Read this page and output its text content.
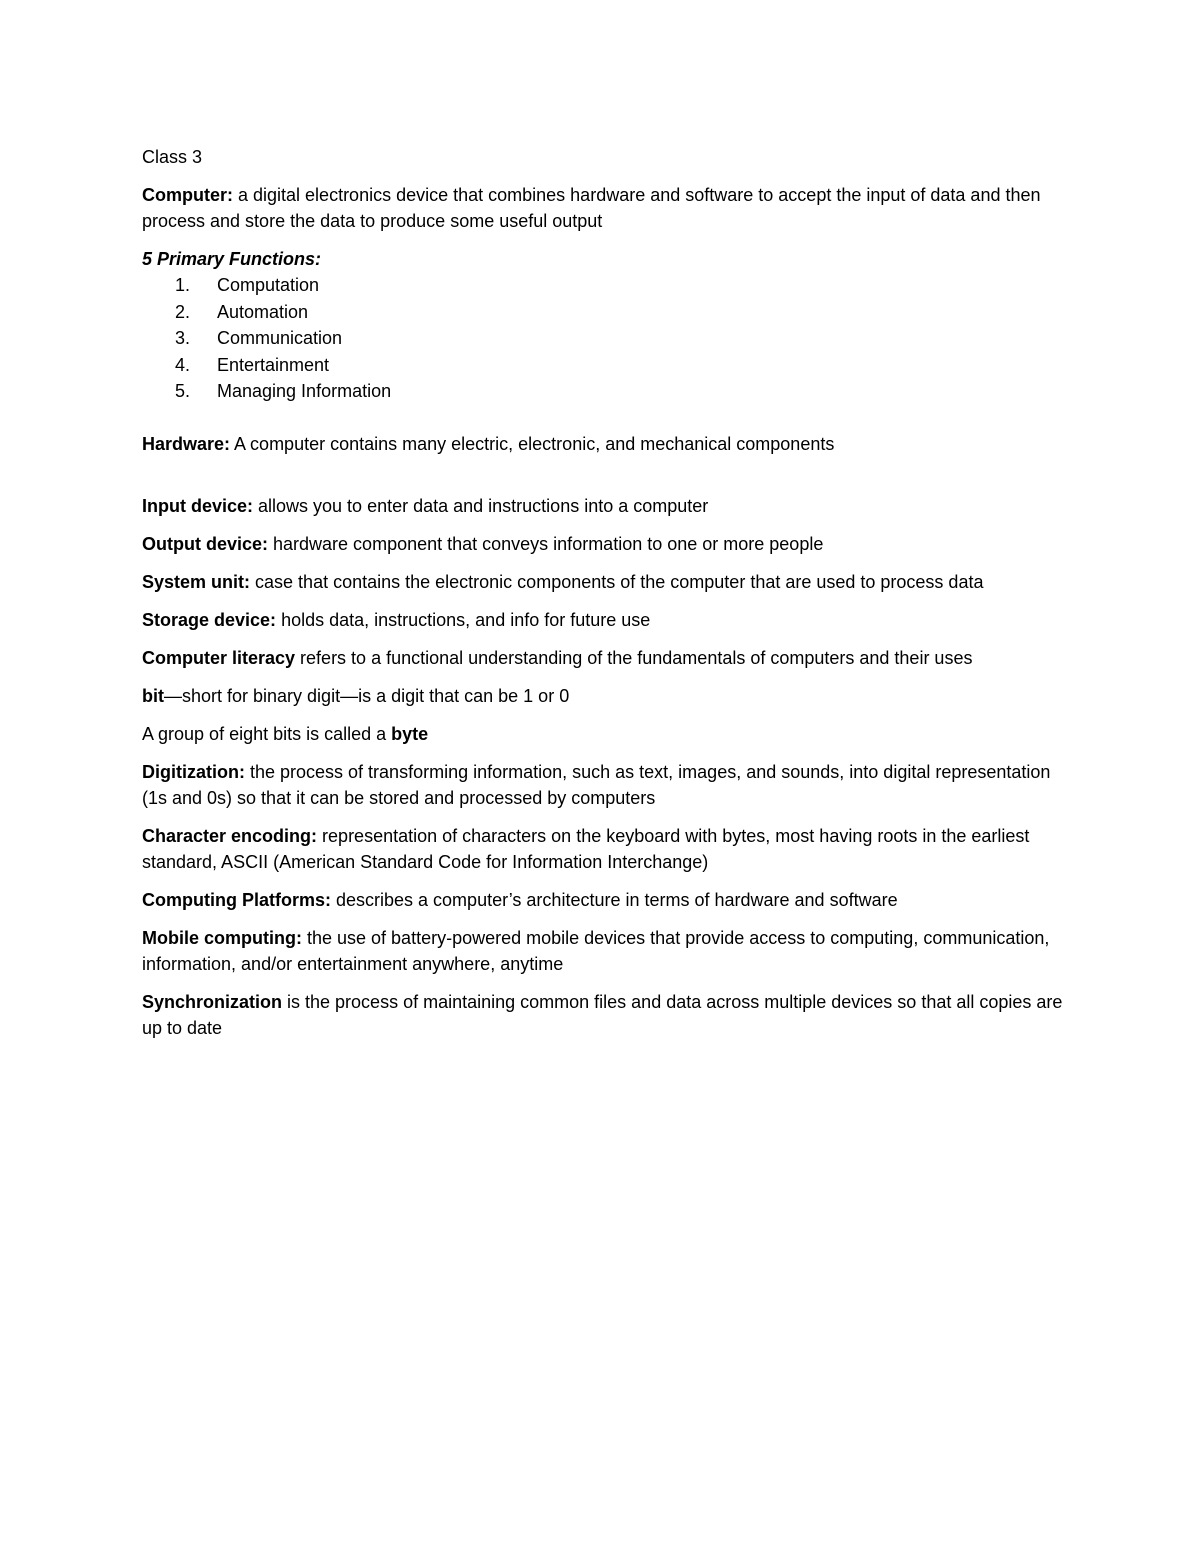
Class 3

Computer: a digital electronics device that combines hardware and software to accept the input of data and then process and store the data to produce some useful output

5 Primary Functions:
1. Computation
2. Automation
3. Communication
4. Entertainment
5. Managing Information

Hardware: A computer contains many electric, electronic, and mechanical components

Input device: allows you to enter data and instructions into a computer

Output device: hardware component that conveys information to one or more people

System unit: case that contains the electronic components of the computer that are used to process data

Storage device: holds data, instructions, and info for future use

Computer literacy refers to a functional understanding of the fundamentals of computers and their uses

bit—short for binary digit—is a digit that can be 1 or 0

A group of eight bits is called a byte

Digitization: the process of transforming information, such as text, images, and sounds, into digital representation (1s and 0s) so that it can be stored and processed by computers

Character encoding: representation of characters on the keyboard with bytes, most having roots in the earliest standard, ASCII (American Standard Code for Information Interchange)

Computing Platforms: describes a computer’s architecture in terms of hardware and software

Mobile computing: the use of battery-powered mobile devices that provide access to computing, communication, information, and/or entertainment anywhere, anytime

Synchronization is the process of maintaining common files and data across multiple devices so that all copies are up to date
